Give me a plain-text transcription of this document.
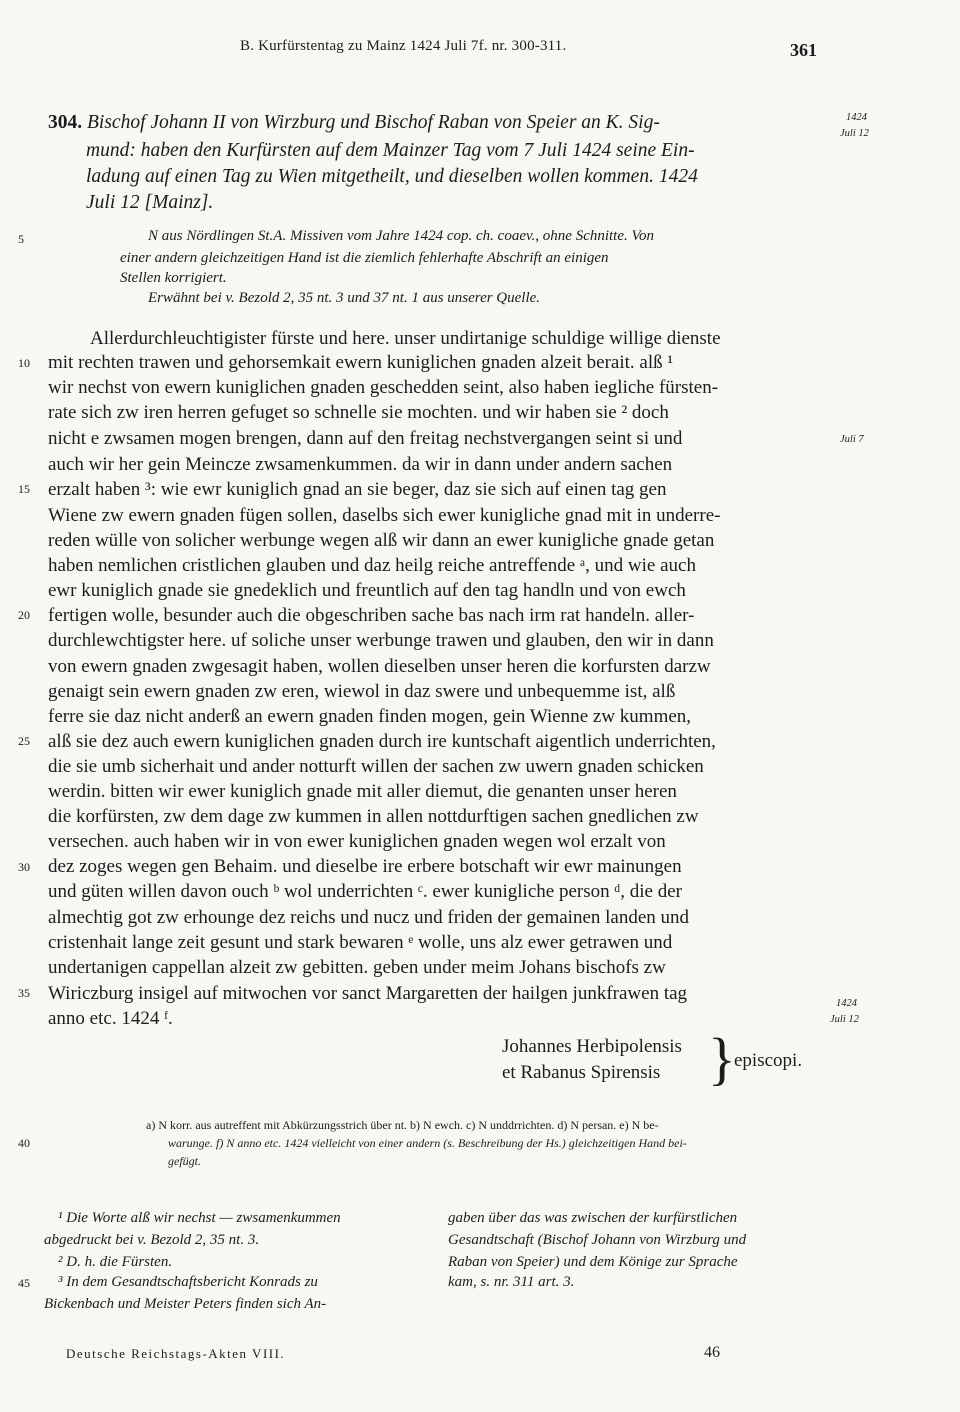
B. Kurfürstentag zu Mainz 1424 Juli 7f. nr. 300-311.	361
304. Bischof Johann II von Wirzburg und Bischof Raban von Speier an K. Sig-
mund: haben den Kurfürsten auf dem Mainzer Tag vom 7 Juli 1424 seine Ein-
ladung auf einen Tag zu Wien mitgetheilt, und dieselben wollen kommen. 1424
Juli 12 [Mainz].
1424
Juli 12
5	N aus Nördlingen St.A. Missiven vom Jahre 1424 cop. ch. coaev., ohne Schnitte. Von
einer andern gleichzeitigen Hand ist die ziemlich fehlerhafte Abschrift an einigen
Stellen korrigiert.
Erwähnt bei v. Bezold 2, 35 nt. 3 und 37 nt. 1 aus unserer Quelle.
Allerdurchleuchtigister fürste und here. unser undirtanige schuldige willige dienste
10 mit rechten trawen und gehorsemkait ewern kuniglichen gnaden alzeit berait. alß ¹
wir nechst von ewern kuniglichen gnaden geschedden seint, also haben iegliche fürsten-
rate sich zw iren herren gefuget so schnelle sie mochten. und wir haben sie ² doch
nicht e zwsamen mogen brengen, dann auf den freitag nechstvergangen seint si und	Juli 7
auch wir her gein Meincze zwsamenkummen. da wir in dann under andern sachen
15 erzalt haben ³: wie ewr kuniglich gnad an sie beger, daz sie sich auf einen tag gen
Wiene zw ewern gnaden fügen sollen, daselbs sich ewer kunigliche gnad mit in underre-
reden wülle von solicher werbunge wegen alß wir dann an ewer kunigliche gnade getan
haben nemlichen cristlichen glauben und daz heilg reiche antreffende ᵃ, und wie auch
ewr kuniglich gnade sie gnedeklich und freuntlich auf den tag handln und von ewch
20 fertigen wolle, besunder auch die obgeschriben sache bas nach irm rat handeln. aller-
durchlewchtigster here. uf soliche unser werbunge trawen und glauben, den wir in dann
von ewern gnaden zwgesagit haben, wollen dieselben unser heren die korfursten darzw
genaigt sein ewern gnaden zw eren, wiewol in daz swere und unbequemme ist, alß
ferre sie daz nicht anderß an ewern gnaden finden mogen, gein Wienne zw kummen,
25 alß sie dez auch ewern kuniglichen gnaden durch ire kuntschaft aigentlich underrichten,
die sie umb sicherhait und ander notturft willen der sachen zw uwern gnaden schicken
werdin. bitten wir ewer kuniglich gnade mit aller diemut, die genanten unser heren
die korfürsten, zw dem dage zw kummen in allen nottdurftigen sachen gnedlichen zw
versechen. auch haben wir in von ewer kuniglichen gnaden wegen wol erzalt von
30 dez zoges wegen gen Behaim. und dieselbe ire erbere botschaft wir ewr mainungen
und güten willen davon ouch ᵇ wol underrichten ᶜ. ewer kunigliche person ᵈ, die der
almechtig got zw erhounge dez reichs und nucz und friden der gemainen landen und
cristenhait lange zeit gesunt und stark bewaren ᵉ wolle, uns alz ewer getrawen und
undertanigen cappellan alzeit zw gebitten. geben under meim Johans bischofs zw
35 Wiriczburg insigel auf mitwochen vor sanct Margaretten der hailgen junkfrawen tag
anno etc. 1424 ᶠ.
1424
Juli 12
Johannes Herbipolensis
et Rabanus Spirensis }
episcopi.
40
a) N korr. aus autreffent mit Abkürzungsstrich über nt. b) N ewch. c) N unddrrichten. d) N persan. e) N be-
warunge. f) N anno etc. 1424 vielleicht von einer andern (s. Beschreibung der Hs.) gleichzeitigen Hand bei-
gefügt.
¹ Die Worte alß wir nechst — zwsamenkummen
abgedruckt bei v. Bezold 2, 35 nt. 3.
² D. h. die Fürsten.
45 ³ In dem Gesandtschaftsbericht Konrads zu
Bickenbach und Meister Peters finden sich An-
gaben über das was zwischen der kurfürstlichen
Gesandtschaft (Bischof Johann von Wirzburg und
Raban von Speier) und dem Könige zur Sprache
kam, s. nr. 311 art. 3.
Deutsche Reichstags-Akten VIII.	46
